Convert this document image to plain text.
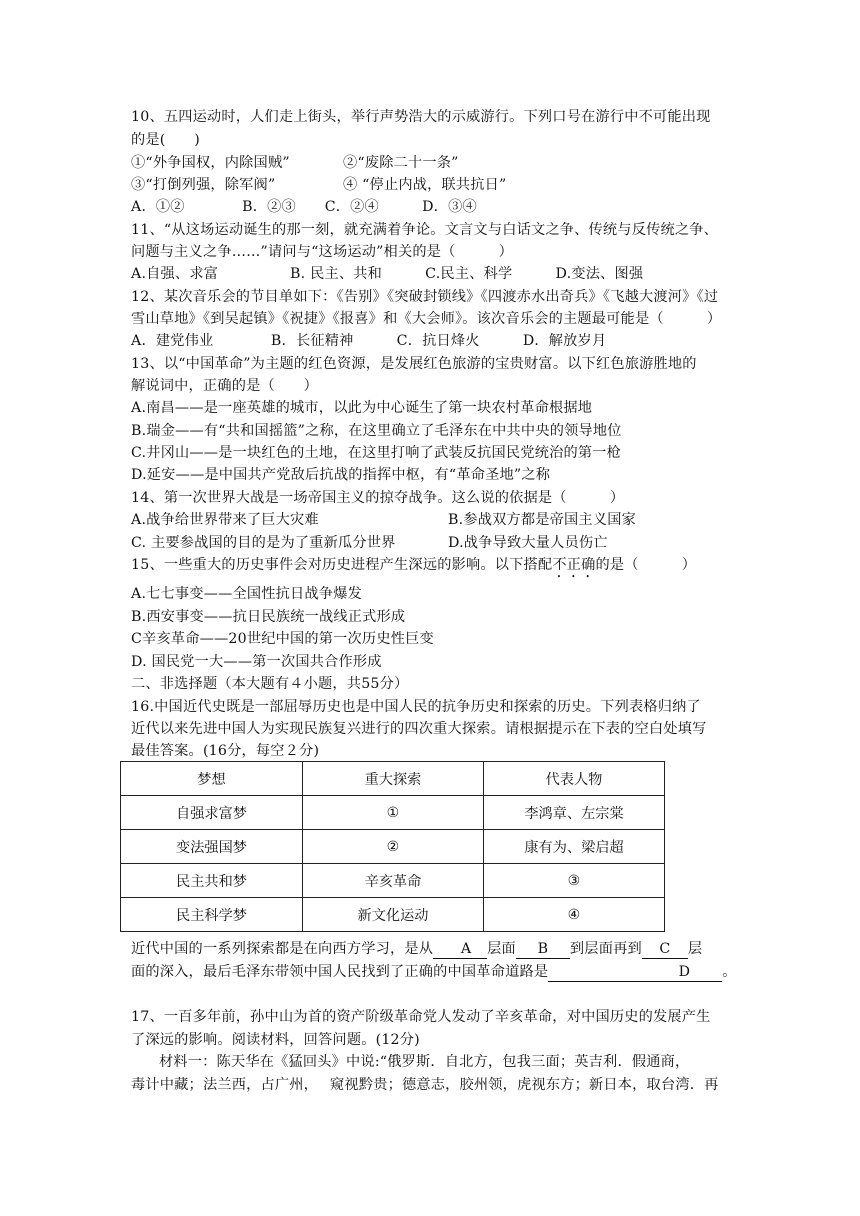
10、五四运动时，人们走上街头，举行声势浩大的示威游行。下列口号在游行中不可能出现
的是(　　)
①“外争国权，内除国贼”	②“废除二十一条”
③“打倒列强，除军阀”	④ “停止内战，联共抗日”
A．①②　　　　B．②③　　C．②④　　　D．③④
11、“从这场运动诞生的那一刻，就充满着争论。文言文与白话文之争、传统与反传统之争、
问题与主义之争……”请问与“这场运动”相关的是（　　　）
A.自强、求富　　　　　B. 民主、共和　　　C.民主、科学　　　D.变法、图强
12、某次音乐会的节目单如下：《告别》《突破封锁线》《四渡赤水出奇兵》《飞越大渡河》《过
雪山草地》《到吴起镇》《祝捷》《报喜》和《大会师》。该次音乐会的主题最可能是（　　　）
A．建党伟业　　　　B．长征精神　　　C．抗日烽火　　　D．解放岁月
13、以“中国革命”为主题的红色资源，是发展红色旅游的宝贵财富。以下红色旅游胜地的
解说词中，正确的是（　　）
A.南昌——是一座英雄的城市，以此为中心诞生了第一块农村革命根据地
B.瑞金——有“共和国摇篮”之称，在这里确立了毛泽东在中共中央的领导地位
C.井冈山——是一块红色的土地，在这里打响了武装反抗国民党统治的第一枪
D.延安——是中国共产党敌后抗战的指挥中枢，有“革命圣地”之称
14、第一次世界大战是一场帝国主义的掠夺战争。这么说的依据是（　　　）
A.战争给世界带来了巨大灾难	B.参战双方都是帝国主义国家
C. 主要参战国的目的是为了重新瓜分世界	D.战争导致大量人员伤亡
15、一些重大的历史事件会对历史进程产生深远的影响。以下搭配不正确的是（　　　）
A.七七事变——全国性抗日战争爆发
B.西安事变——抗日民族统一战线正式形成
C辛亥革命——20世纪中国的第一次历史性巨变
D. 国民党一大——第一次国共合作形成
二、非选择题（本大题有４小题，共55分）
16.中国近代史既是一部屈辱历史也是中国人民的抗争历史和探索的历史。下列表格归纳了
近代以来先进中国人为实现民族复兴进行的四次重大探索。请根据提示在下表的空白处填写
最佳答案。(16分，每空２分)
梦想	重大探索	代表人物
自强求富梦	①	李鸿章、左宗棠
变法强国梦	②	康有为、梁启超
民主共和梦	辛亥革命	③
民主科学梦	新文化运动	④
近代中国的一系列探索都是在向西方学习，是从 A 层面 B 到层面再到 C 层
面的深入，最后毛泽东带领中国人民找到了正确的中国革命道路是	D 。
17、一百多年前，孙中山为首的资产阶级革命党人发动了辛亥革命，对中国历史的发展产生
了深远的影响。阅读材料，回答问题。(12分)
材料一：陈天华在《猛回头》中说:“俄罗斯．自北方，包我三面；英吉利．假通商，
毒计中藏；法兰西，占广州，　 窥视黔贵；德意志，胶州领，虎视东方；新日本，取台湾．再
